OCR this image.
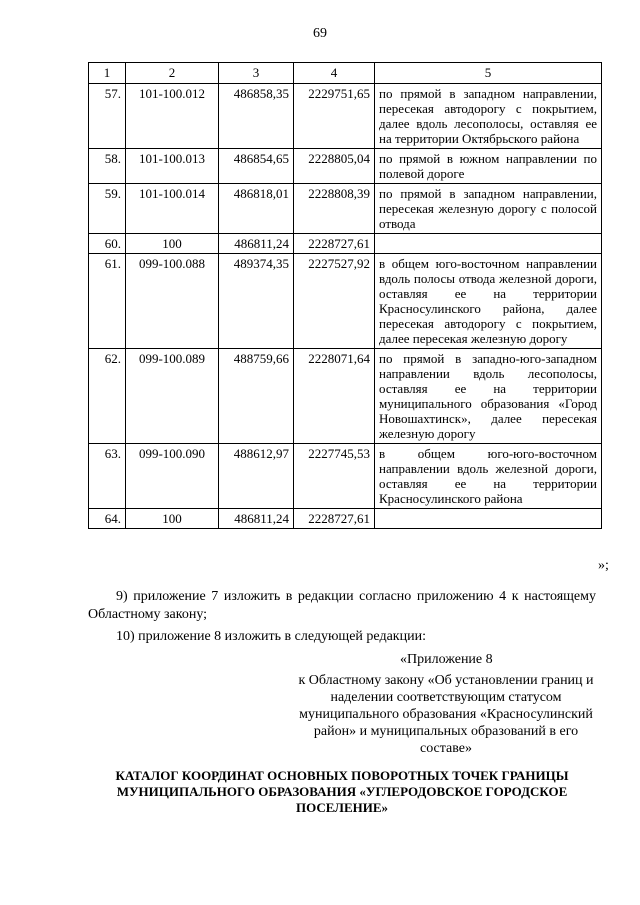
69
1	2	3	4	5
57.	101-100.012	486858,35	2229751,65	по прямой в западном направлении, пересекая автодорогу с покрытием, далее вдоль лесополосы, оставляя ее на территории Октябрьского района
58.	101-100.013	486854,65	2228805,04	по прямой в южном направлении по полевой дороге
59.	101-100.014	486818,01	2228808,39	по прямой в западном направлении, пересекая железную дорогу с полосой отвода
60.	100	486811,24	2228727,61	
61.	099-100.088	489374,35	2227527,92	в общем юго-восточном направлении вдоль полосы отвода железной дороги, оставляя ее на территории Красносулинского района, далее пересекая автодорогу с покрытием, далее пересекая железную дорогу
62.	099-100.089	488759,66	2228071,64	по прямой в западно-юго-западном направлении вдоль лесополосы, оставляя ее на территории муниципального образования «Город Новошахтинск», далее пересекая железную дорогу
63.	099-100.090	488612,97	2227745,53	в общем юго-юго-восточном направлении вдоль железной дороги, оставляя ее на территории Красносулинского района
64.	100	486811,24	2228727,61	
»;
9) приложение 7 изложить в редакции согласно приложению 4 к настоящему Областному закону;
10) приложение 8 изложить в следующей редакции:
«Приложение 8
к Областному закону «Об установлении границ и наделении соответствующим статусом муниципального образования «Красносулинский район» и муниципальных образований в его составе»
КАТАЛОГ КООРДИНАТ ОСНОВНЫХ ПОВОРОТНЫХ ТОЧЕК ГРАНИЦЫ МУНИЦИПАЛЬНОГО ОБРАЗОВАНИЯ «УГЛЕРОДОВСКОЕ ГОРОДСКОЕ ПОСЕЛЕНИЕ»
